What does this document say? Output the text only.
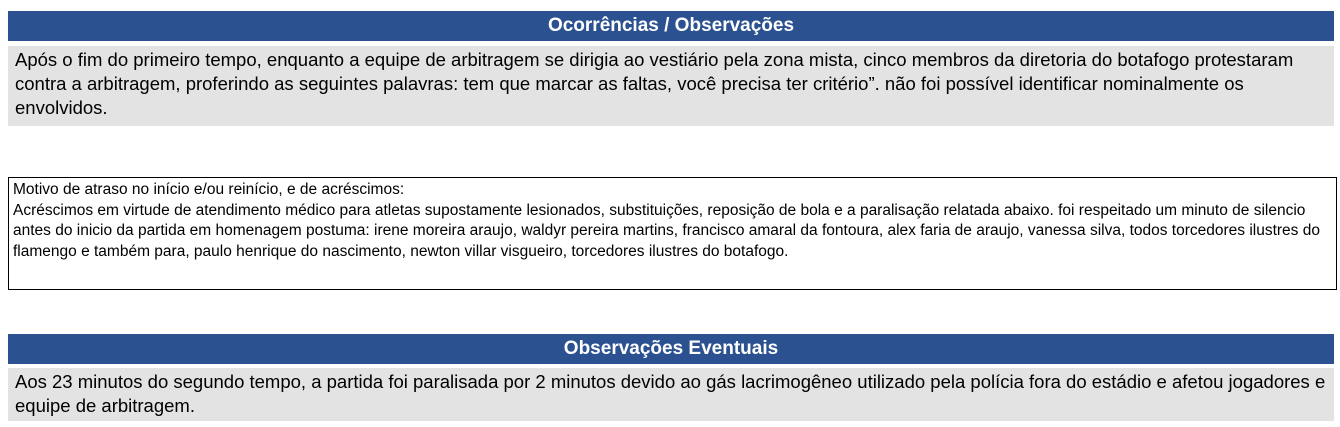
Ocorrências / Observações
Após o fim do primeiro tempo, enquanto a equipe de arbitragem se dirigia ao vestiário pela zona mista, cinco membros da diretoria do botafogo protestaram contra a arbitragem, proferindo as seguintes palavras: tem que marcar as faltas, você precisa ter critério”. não foi possível identificar nominalmente os envolvidos.
Motivo de atraso no início e/ou reinício, e de acréscimos:
Acréscimos em virtude de atendimento médico para atletas supostamente lesionados, substituições, reposição de bola e a paralisação relatada abaixo. foi respeitado um minuto de silencio antes do inicio da partida em homenagem postuma: irene moreira araujo, waldyr pereira martins, francisco amaral da fontoura, alex faria de araujo, vanessa silva, todos torcedores ilustres do flamengo e também para, paulo henrique do nascimento, newton villar visgueiro, torcedores ilustres do botafogo.
Observações Eventuais
Aos 23 minutos do segundo tempo, a partida foi paralisada por 2 minutos devido ao gás lacrimogêneo utilizado pela polícia fora do estádio e afetou jogadores e equipe de arbitragem.
